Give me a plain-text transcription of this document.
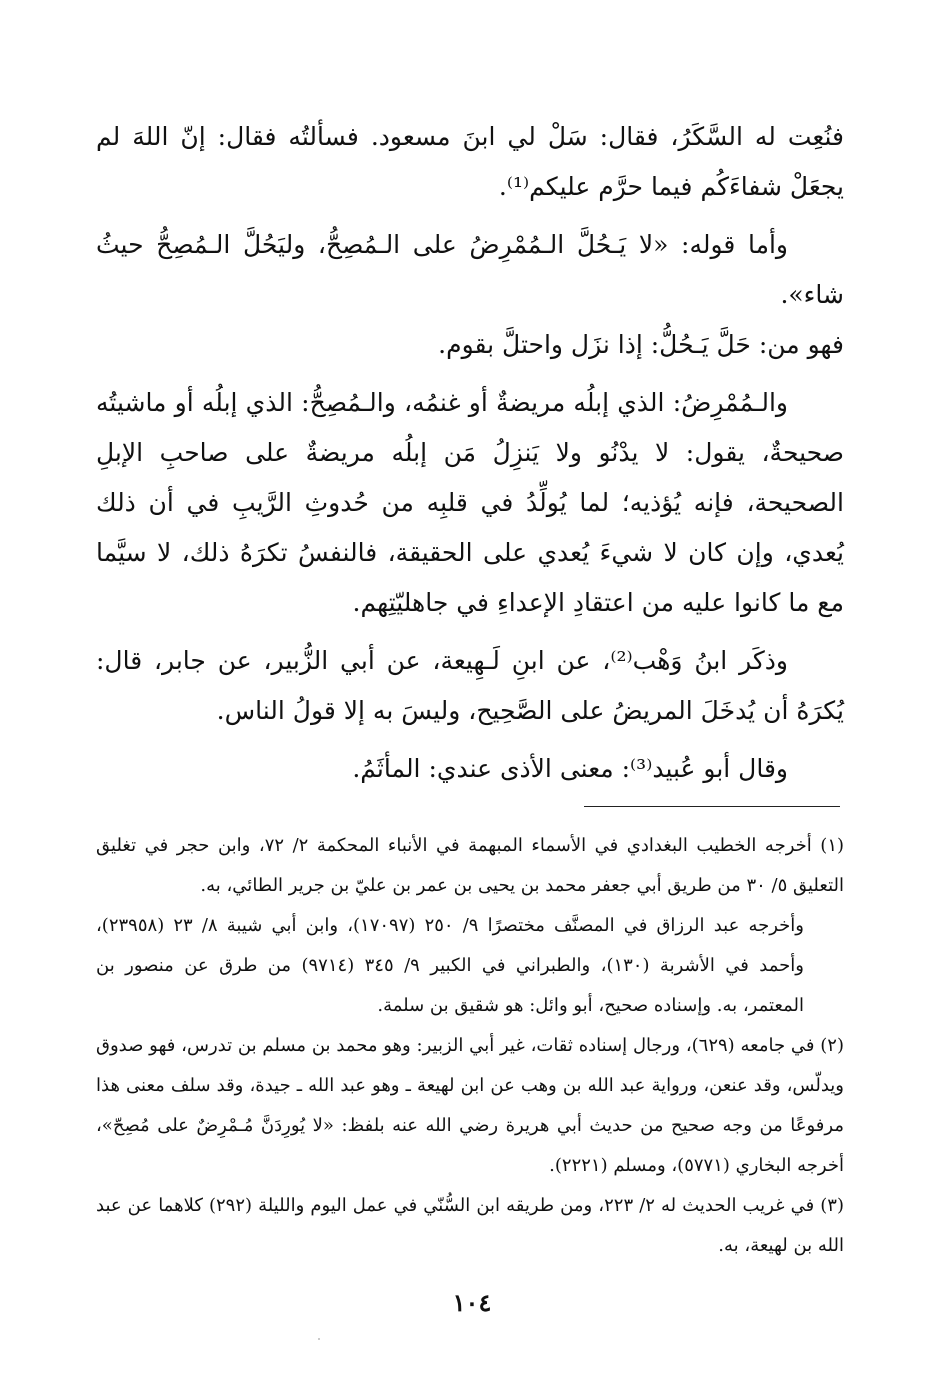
فنُعِت له السَّكَرُ، فقال: سَلْ لي ابنَ مسعود. فسألتُه فقال: إنّ اللهَ لم يجعَلْ شفاءَكُم فيما حرَّم عليكم⁽¹⁾.

وأما قوله: «لا يَـحُلَّ الـمُمْرِضُ على الـمُصِحُّ، وليَحُلَّ الـمُصِحُّ حيثُ شاء».

فهو من: حَلَّ يَـحُلُّ: إذا نزَل واحتلَّ بقوم.

والـمُمْرِضُ: الذي إبلُه مريضةٌ أو غنمُه، والـمُصِحُّ: الذي إبلُه أو ماشيتُه صحيحةٌ، يقول: لا يدْنُو ولا يَنزِلُ مَن إبلُه مريضةٌ على صاحبِ الإبلِ الصحيحة، فإنه يُؤذيه؛ لما يُولِّدُ في قلبِه من حُدوثِ الرَّيبِ في أن ذلك يُعدي، وإن كان لا شيءَ يُعدي على الحقيقة، فالنفسُ تكرَهُ ذلك، لا سيَّما مع ما كانوا عليه من اعتقادِ الإعداءِ في جاهليّتِهم.

وذكَر ابنُ وَهْب⁽²⁾، عن ابنِ لَـهِيعة، عن أبي الزُّبير، عن جابر، قال: يُكرَهُ أن يُدخَلَ المريضُ على الصَّحِيح، وليسَ به إلا قولُ الناس.

وقال أبو عُبيد⁽³⁾: معنى الأذى عندي: المأثَمُ.

(١) أخرجه الخطيب البغدادي في الأسماء المبهمة في الأنباء المحكمة ٢/ ٧٢، وابن حجر في تغليق التعليق ٥/ ٣٠ من طريق أبي جعفر محمد بن يحيى بن عمر بن عليّ بن جرير الطائي، به.

وأخرجه عبد الرزاق في المصنَّف مختصرًا ٩/ ٢٥٠ (١٧٠٩٧)، وابن أبي شيبة ٨/ ٢٣ (٢٣٩٥٨)، وأحمد في الأشربة (١٣٠)، والطبراني في الكبير ٩/ ٣٤٥ (٩٧١٤) من طرق عن منصور بن المعتمر، به. وإسناده صحيح، أبو وائل: هو شقيق بن سلمة.

(٢) في جامعه (٦٢٩)، ورجال إسناده ثقات، غير أبي الزبير: وهو محمد بن مسلم بن تدرس، فهو صدوق ويدلّس، وقد عنعن، ورواية عبد الله بن وهب عن ابن لهيعة ـ وهو عبد الله ـ جيدة، وقد سلف معنى هذا مرفوعًا من وجه صحيح من حديث أبي هريرة رضي الله عنه بلفظ: «لا يُورِدَنَّ مُـمْرِضٌ على مُصِحّ»، أخرجه البخاري (٥٧٧١)، ومسلم (٢٢٢١).

(٣) في غريب الحديث له ٢/ ٢٢٣، ومن طريقه ابن السُّنّي في عمل اليوم والليلة (٢٩٢) كلاهما عن عبد الله بن لهيعة، به.

١٠٤
